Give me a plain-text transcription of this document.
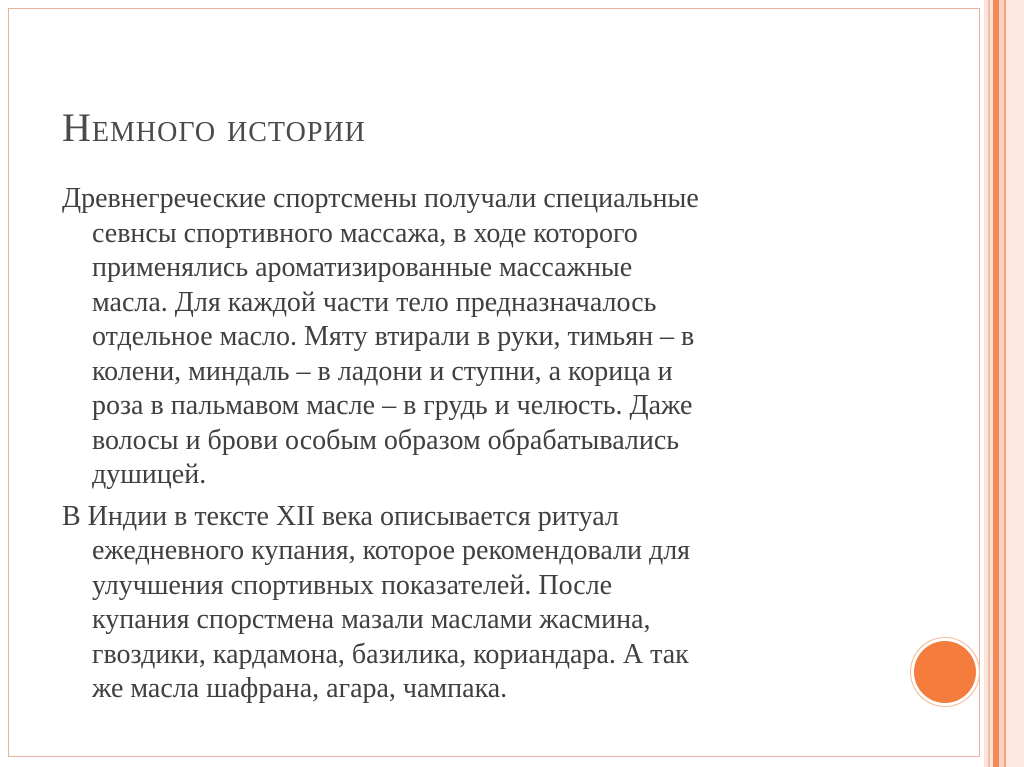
Немного истории
Древнегреческие спортсмены получали специальные
севнсы спортивного массажа, в ходе которого
применялись ароматизированные массажные
масла. Для каждой части тело предназначалось
отдельное масло. Мяту втирали в руки, тимьян – в
колени, миндаль – в ладони и ступни, а корица и
роза в пальмавом масле – в грудь и челюсть. Даже
волосы и брови особым образом обрабатывались
душицей.
В Индии в тексте XII века описывается ритуал
ежедневного купания, которое рекомендовали для
улучшения спортивных показателей. После
купания спорстмена мазали маслами жасмина,
гвоздики, кардамона, базилика, кориандара. А так
же масла шафрана, агара, чампака.
